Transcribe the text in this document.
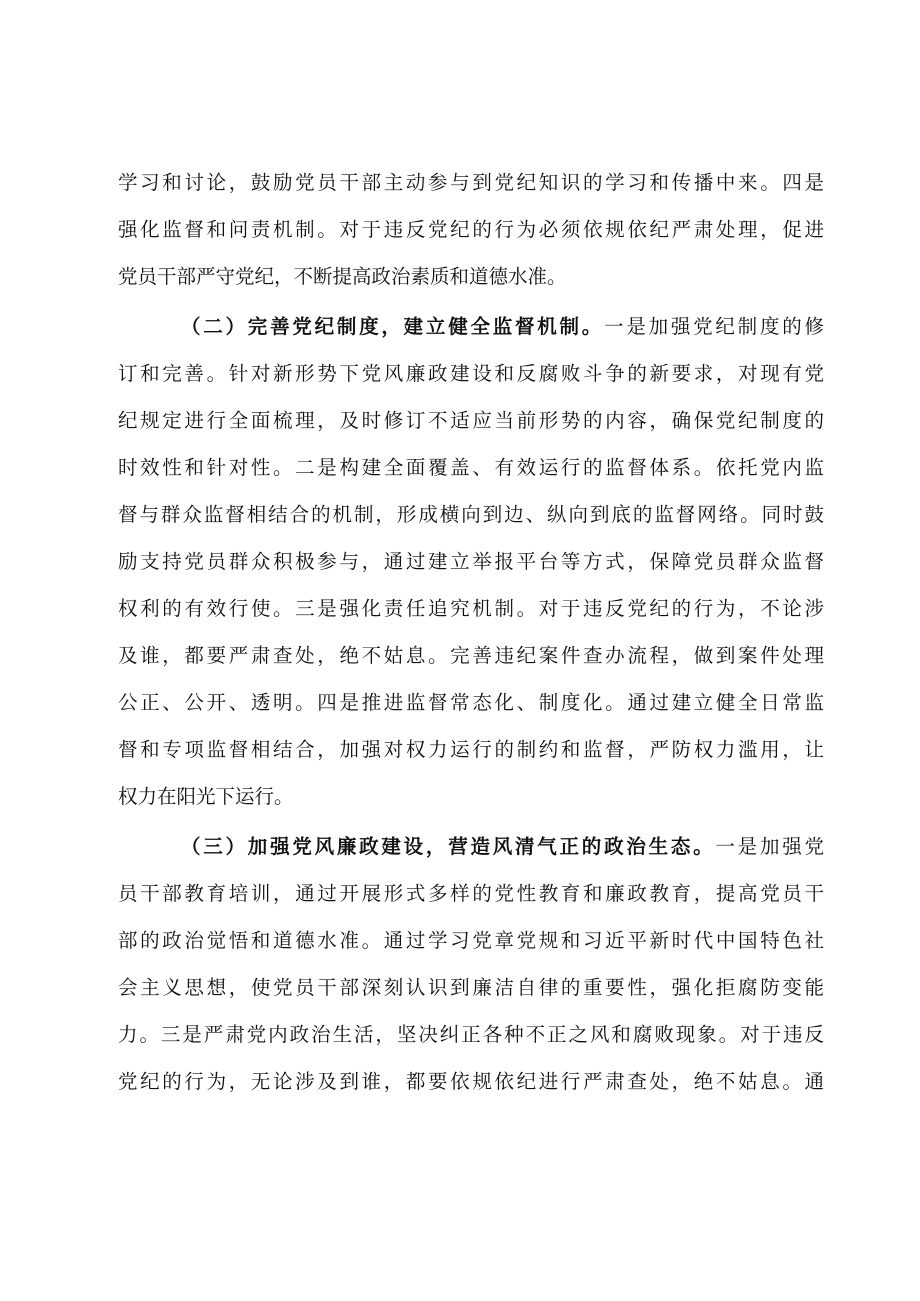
学习和讨论，鼓励党员干部主动参与到党纪知识的学习和传播中来。四是
强化监督和问责机制。对于违反党纪的行为必须依规依纪严肃处理，促进
党员干部严守党纪，不断提高政治素质和道德水准。
（二）完善党纪制度，建立健全监督机制。一是加强党纪制度的修
订和完善。针对新形势下党风廉政建设和反腐败斗争的新要求，对现有党
纪规定进行全面梳理，及时修订不适应当前形势的内容，确保党纪制度的
时效性和针对性。二是构建全面覆盖、有效运行的监督体系。依托党内监
督与群众监督相结合的机制，形成横向到边、纵向到底的监督网络。同时鼓
励支持党员群众积极参与，通过建立举报平台等方式，保障党员群众监督
权利的有效行使。三是强化责任追究机制。对于违反党纪的行为，不论涉
及谁，都要严肃查处，绝不姑息。完善违纪案件查办流程，做到案件处理
公正、公开、透明。四是推进监督常态化、制度化。通过建立健全日常监
督和专项监督相结合，加强对权力运行的制约和监督，严防权力滥用，让
权力在阳光下运行。
（三）加强党风廉政建设，营造风清气正的政治生态。一是加强党
员干部教育培训，通过开展形式多样的党性教育和廉政教育，提高党员干
部的政治觉悟和道德水准。通过学习党章党规和习近平新时代中国特色社
会主义思想，使党员干部深刻认识到廉洁自律的重要性，强化拒腐防变能
力。三是严肃党内政治生活，坚决纠正各种不正之风和腐败现象。对于违反
党纪的行为，无论涉及到谁，都要依规依纪进行严肃查处，绝不姑息。通
